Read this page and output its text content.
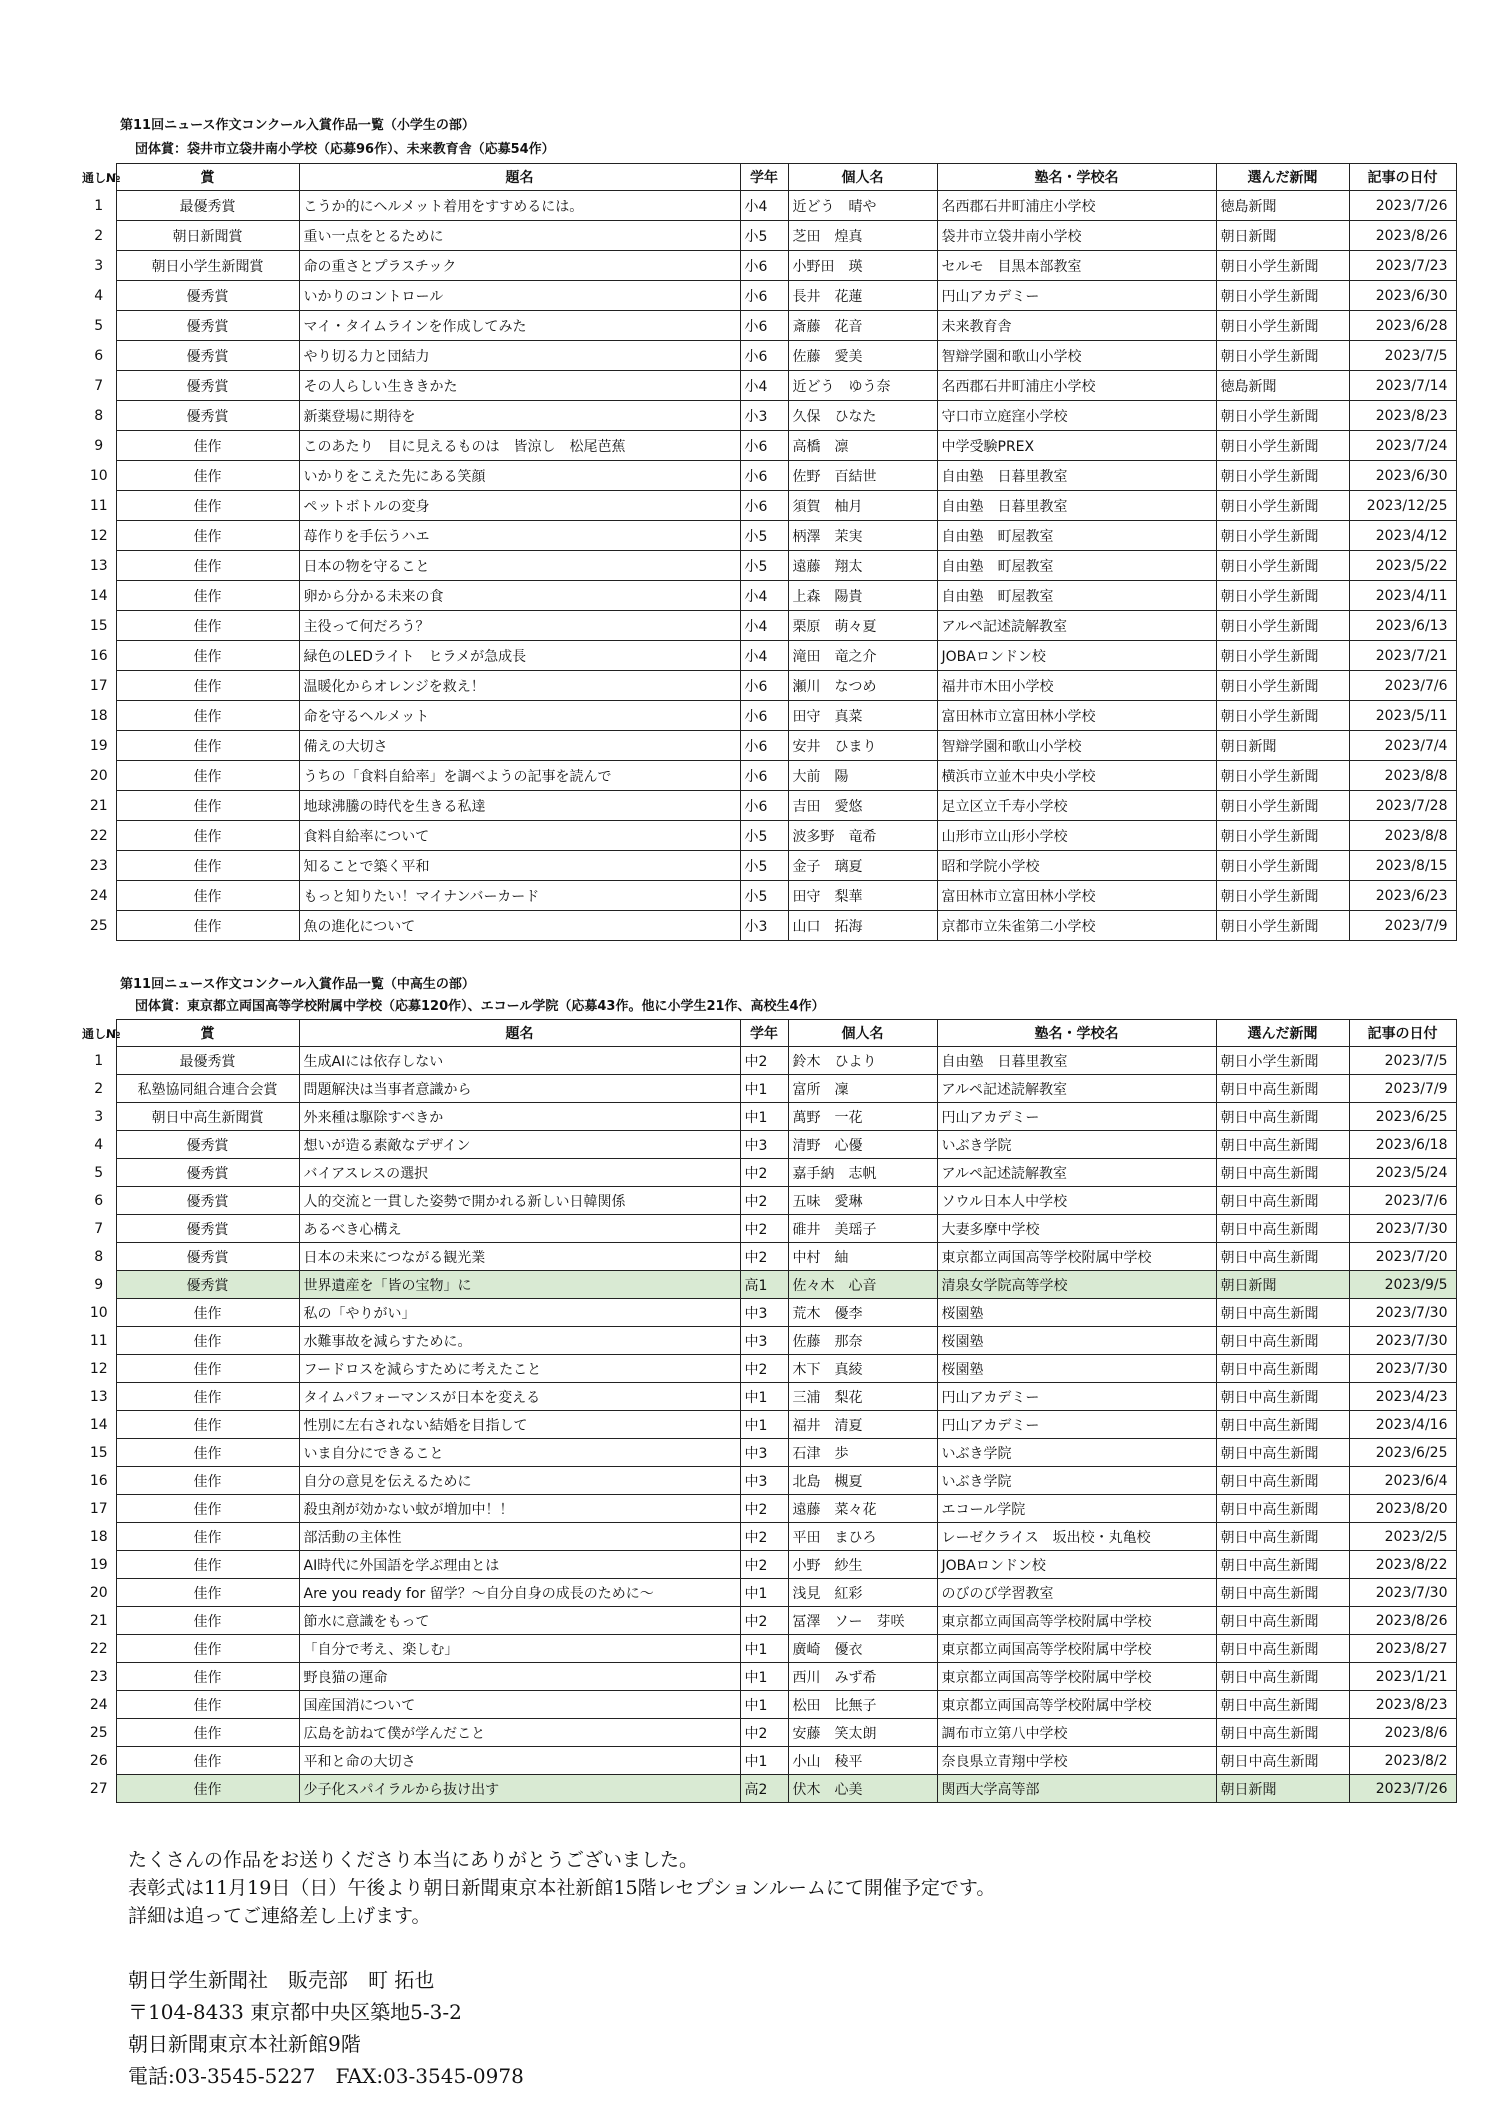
第11回ニュース作文コンクール入賞作品一覧（小学生の部）
団体賞：袋井市立袋井南小学校（応募96作）、未来教育舎（応募54作）
通し№	賞	題名	学年	個人名	塾名・学校名	選んだ新聞	記事の日付
1	最優秀賞	こうか的にヘルメット着用をすすめるには。	小4	近どう　晴や	名西郡石井町浦庄小学校	徳島新聞	2023/7/26
2	朝日新聞賞	重い一点をとるために	小5	芝田　煌真	袋井市立袋井南小学校	朝日新聞	2023/8/26
3	朝日小学生新聞賞	命の重さとプラスチック	小6	小野田　瑛	セルモ　目黒本部教室	朝日小学生新聞	2023/7/23
4	優秀賞	いかりのコントロール	小6	長井　花蓮	円山アカデミー	朝日小学生新聞	2023/6/30
5	優秀賞	マイ・タイムラインを作成してみた	小6	斎藤　花音	未来教育舎	朝日小学生新聞	2023/6/28
6	優秀賞	やり切る力と団結力	小6	佐藤　愛美	智辯学園和歌山小学校	朝日小学生新聞	2023/7/5
7	優秀賞	その人らしい生ききかた	小4	近どう　ゆう奈	名西郡石井町浦庄小学校	徳島新聞	2023/7/14
8	優秀賞	新薬登場に期待を	小3	久保　ひなた	守口市立庭窪小学校	朝日小学生新聞	2023/8/23
9	佳作	このあたり　目に見えるものは　皆涼し　松尾芭蕉	小6	高橋　凛	中学受験PREX	朝日小学生新聞	2023/7/24
10	佳作	いかりをこえた先にある笑顔	小6	佐野　百結世	自由塾　日暮里教室	朝日小学生新聞	2023/6/30
11	佳作	ペットボトルの変身	小6	須賀　柚月	自由塾　日暮里教室	朝日小学生新聞	2023/12/25
12	佳作	苺作りを手伝うハエ	小5	柄澤　茉実	自由塾　町屋教室	朝日小学生新聞	2023/4/12
13	佳作	日本の物を守ること	小5	遠藤　翔太	自由塾　町屋教室	朝日小学生新聞	2023/5/22
14	佳作	卵から分かる未来の食	小4	上森　陽貴	自由塾　町屋教室	朝日小学生新聞	2023/4/11
15	佳作	主役って何だろう？	小4	栗原　萌々夏	アルペ記述読解教室	朝日小学生新聞	2023/6/13
16	佳作	緑色のLEDライト　ヒラメが急成長	小4	滝田　竜之介	JOBAロンドン校	朝日小学生新聞	2023/7/21
17	佳作	温暖化からオレンジを救え！	小6	瀬川　なつめ	福井市木田小学校	朝日小学生新聞	2023/7/6
18	佳作	命を守るヘルメット	小6	田守　真菜	富田林市立富田林小学校	朝日小学生新聞	2023/5/11
19	佳作	備えの大切さ	小6	安井　ひまり	智辯学園和歌山小学校	朝日新聞	2023/7/4
20	佳作	うちの「食料自給率」を調べようの記事を読んで	小6	大前　陽	横浜市立並木中央小学校	朝日小学生新聞	2023/8/8
21	佳作	地球沸騰の時代を生きる私達	小6	吉田　愛悠	足立区立千寿小学校	朝日小学生新聞	2023/7/28
22	佳作	食料自給率について	小5	波多野　竜希	山形市立山形小学校	朝日小学生新聞	2023/8/8
23	佳作	知ることで築く平和	小5	金子　璃夏	昭和学院小学校	朝日小学生新聞	2023/8/15
24	佳作	もっと知りたい！マイナンバーカード	小5	田守　梨華	富田林市立富田林小学校	朝日小学生新聞	2023/6/23
25	佳作	魚の進化について	小3	山口　拓海	京都市立朱雀第二小学校	朝日小学生新聞	2023/7/9
第11回ニュース作文コンクール入賞作品一覧（中高生の部）
団体賞：東京都立両国高等学校附属中学校（応募120作）、エコール学院（応募43作。他に小学生21作、高校生4作）
通し№	賞	題名	学年	個人名	塾名・学校名	選んだ新聞	記事の日付
1	最優秀賞	生成AIには依存しない	中2	鈴木　ひより	自由塾　日暮里教室	朝日小学生新聞	2023/7/5
2	私塾協同組合連合会賞	問題解決は当事者意識から	中1	富所　凜	アルペ記述読解教室	朝日中高生新聞	2023/7/9
3	朝日中高生新聞賞	外来種は駆除すべきか	中1	萬野　一花	円山アカデミー	朝日中高生新聞	2023/6/25
4	優秀賞	想いが造る素敵なデザイン	中3	清野　心優	いぶき学院	朝日中高生新聞	2023/6/18
5	優秀賞	バイアスレスの選択	中2	嘉手納　志帆	アルペ記述読解教室	朝日中高生新聞	2023/5/24
6	優秀賞	人的交流と一貫した姿勢で開かれる新しい日韓関係	中2	五味　愛琳	ソウル日本人中学校	朝日中高生新聞	2023/7/6
7	優秀賞	あるべき心構え	中2	碓井　美瑶子	大妻多摩中学校	朝日中高生新聞	2023/7/30
8	優秀賞	日本の未来につながる観光業	中2	中村　紬	東京都立両国高等学校附属中学校	朝日中高生新聞	2023/7/20
9	優秀賞	世界遺産を「皆の宝物」に	高1	佐々木　心音	清泉女学院高等学校	朝日新聞	2023/9/5
10	佳作	私の「やりがい」	中3	荒木　優李	桜園塾	朝日中高生新聞	2023/7/30
11	佳作	水難事故を減らすために。	中3	佐藤　那奈	桜園塾	朝日中高生新聞	2023/7/30
12	佳作	フードロスを減らすために考えたこと	中2	木下　真綾	桜園塾	朝日中高生新聞	2023/7/30
13	佳作	タイムパフォーマンスが日本を変える	中1	三浦　梨花	円山アカデミー	朝日中高生新聞	2023/4/23
14	佳作	性別に左右されない結婚を目指して	中1	福井　清夏	円山アカデミー	朝日中高生新聞	2023/4/16
15	佳作	いま自分にできること	中3	石津　歩	いぶき学院	朝日中高生新聞	2023/6/25
16	佳作	自分の意見を伝えるために	中3	北島　槻夏	いぶき学院	朝日中高生新聞	2023/6/4
17	佳作	殺虫剤が効かない蚊が増加中！！	中2	遠藤　菜々花	エコール学院	朝日中高生新聞	2023/8/20
18	佳作	部活動の主体性	中2	平田　まひろ	レーゼクライス　坂出校・丸亀校	朝日中高生新聞	2023/2/5
19	佳作	AI時代に外国語を学ぶ理由とは	中2	小野　紗生	JOBAロンドン校	朝日中高生新聞	2023/8/22
20	佳作	Are you ready for 留学？～自分自身の成長のために～	中1	浅見　紅彩	のびのび学習教室	朝日中高生新聞	2023/7/30
21	佳作	節水に意識をもって	中2	冨澤　ソー　芽咲	東京都立両国高等学校附属中学校	朝日中高生新聞	2023/8/26
22	佳作	「自分で考え、楽しむ」	中1	廣崎　優衣	東京都立両国高等学校附属中学校	朝日中高生新聞	2023/8/27
23	佳作	野良猫の運命	中1	西川　みず希	東京都立両国高等学校附属中学校	朝日中高生新聞	2023/1/21
24	佳作	国産国消について	中1	松田　比無子	東京都立両国高等学校附属中学校	朝日中高生新聞	2023/8/23
25	佳作	広島を訪ねて僕が学んだこと	中2	安藤　笑太朗	調布市立第八中学校	朝日中高生新聞	2023/8/6
26	佳作	平和と命の大切さ	中1	小山　稜平	奈良県立青翔中学校	朝日中高生新聞	2023/8/2
27	佳作	少子化スパイラルから抜け出す	高2	伏木　心美	関西大学高等部	朝日新聞	2023/7/26
たくさんの作品をお送りくださり本当にありがとうございました。
表彰式は11月19日（日）午後より朝日新聞東京本社新館15階レセプションルームにて開催予定です。
詳細は追ってご連絡差し上げます。
朝日学生新聞社　販売部　町 拓也
〒104-8433 東京都中央区築地5-3-2
朝日新聞東京本社新館9階
電話:03-3545-5227　FAX:03-3545-0978
